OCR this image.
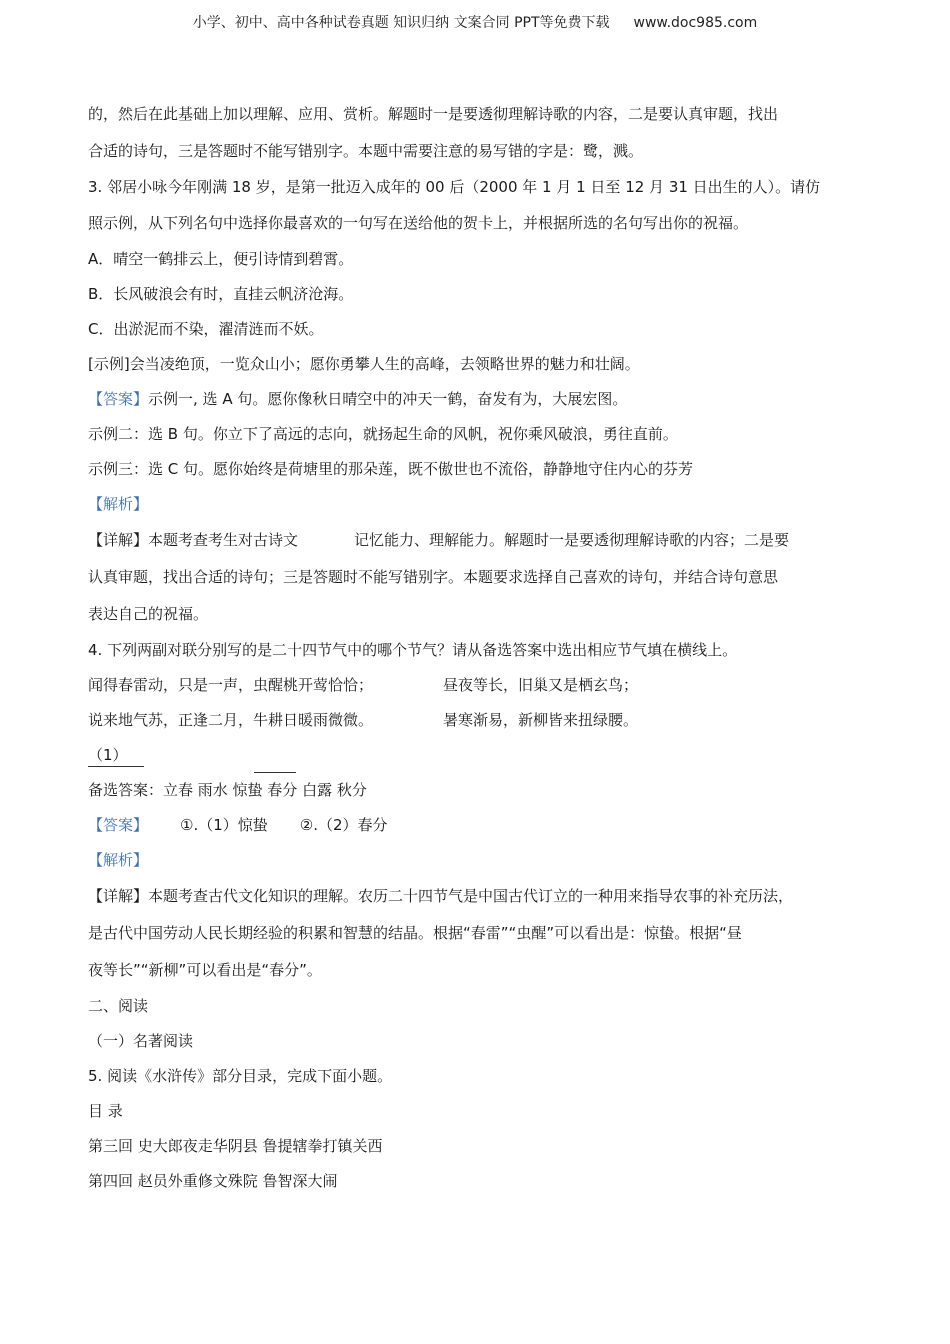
小学、初中、高中各种试卷真题 知识归纳 文案合同 PPT等免费下载 www.doc985.com
的，然后在此基础上加以理解、应用、赏析。解题时一是要透彻理解诗歌的内容，二是要认真审题，找出
合适的诗句，三是答题时不能写错别字。本题中需要注意的易写错的字是：鹭，溅。
3. 邻居小咏今年刚满 18 岁，是第一批迈入成年的 00 后（2000 年 1 月 1 日至 12 月 31 日出生的人）。请仿
照示例，从下列名句中选择你最喜欢的一句写在送给他的贺卡上，并根据所选的名句写出你的祝福。
A．晴空一鹤排云上，便引诗情到碧霄。
B．长风破浪会有时，直挂云帆济沧海。
C．出淤泥而不染，濯清涟而不妖。
[示例]会当凌绝顶，一览众山小；愿你勇攀人生的高峰，去领略世界的魅力和壮阔。
【答案】示例一, 选 A 句。愿你像秋日晴空中的冲天一鹤，奋发有为，大展宏图。
示例二：选 B 句。你立下了高远的志向，就扬起生命的风帆，祝你乘风破浪，勇往直前。
示例三：选 C 句。愿你始终是荷塘里的那朵莲，既不傲世也不流俗，静静地守住内心的芬芳
【解析】
【详解】本题考查考生对古诗文	记忆能力、理解能力。解题时一是要透彻理解诗歌的内容；二是要
认真审题，找出合适的诗句；三是答题时不能写错别字。本题要求选择自己喜欢的诗句，并结合诗句意思
表达自己的祝福。
4. 下列两副对联分别写的是二十四节气中的哪个节气？请从备选答案中选出相应节气填在横线上。
闻得春雷动，只是一声，虫醒桃开莺恰恰；	昼夜等长，旧巢又是栖玄鸟；
说来地气苏，正逢二月，牛耕日暖雨微微。	暑寒渐易，新柳皆来扭绿腰。
（1）
备选答案：立春 雨水 惊蛰 春分 白露 秋分
【答案】 ①.（1）惊蛰 ②.（2）春分
【解析】
【详解】本题考查古代文化知识的理解。农历二十四节气是中国古代订立的一种用来指导农事的补充历法，
是古代中国劳动人民长期经验的积累和智慧的结晶。根据“春雷”“虫醒”可以看出是：惊蛰。根据“昼
夜等长”“新柳”可以看出是“春分”。
二、阅读
（一）名著阅读
5. 阅读《水浒传》部分目录，完成下面小题。
目 录
第三回 史大郎夜走华阴县 鲁提辖拳打镇关西
第四回 赵员外重修文殊院 鲁智深大闹
